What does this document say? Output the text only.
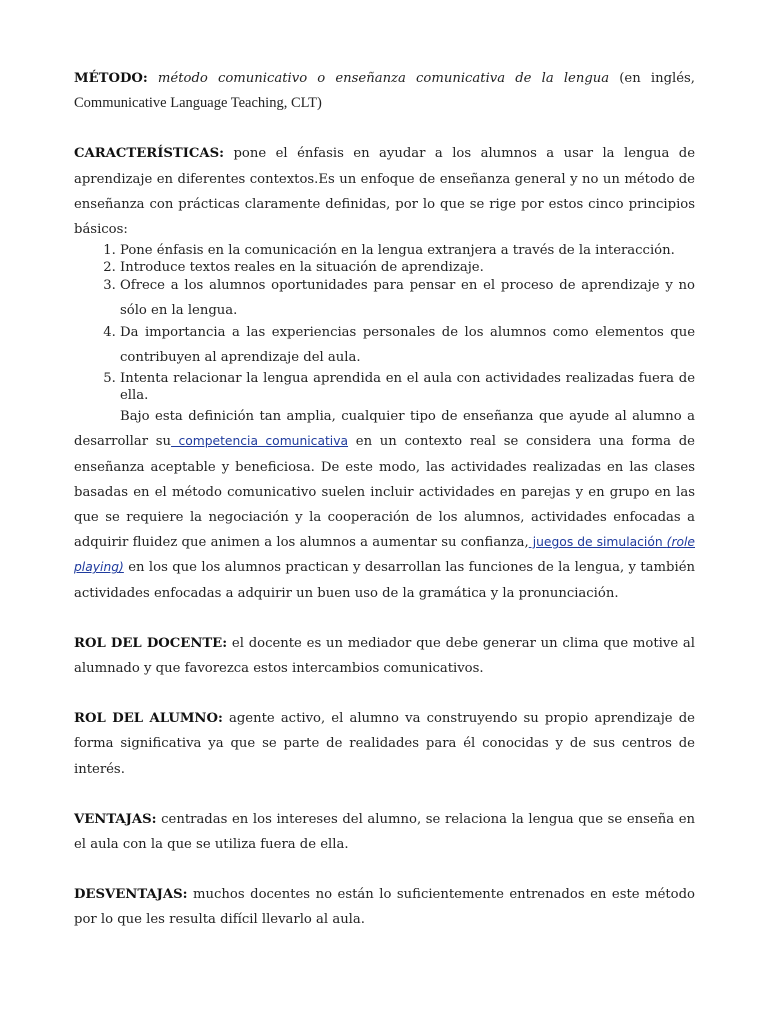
MÉTODO: método comunicativo o enseñanza comunicativa de la lengua (en inglés, Communicative Language Teaching, CLT)

CARACTERÍSTICAS: pone el énfasis en ayudar a los alumnos a usar la lengua de aprendizaje en diferentes contextos.Es un enfoque de enseñanza general y no un método de enseñanza con prácticas claramente definidas, por lo que se rige por estos cinco principios básicos:

1. Pone énfasis en la comunicación en la lengua extranjera a través de la interacción.
2. Introduce textos reales en la situación de aprendizaje.
3. Ofrece a los alumnos oportunidades para pensar en el proceso de aprendizaje y no sólo en la lengua.
4. Da importancia a las experiencias personales de los alumnos como elementos que contribuyen al aprendizaje del aula.
5. Intenta relacionar la lengua aprendida en el aula con actividades realizadas fuera de ella.

Bajo esta definición tan amplia, cualquier tipo de enseñanza que ayude al alumno a desarrollar su competencia comunicativa en un contexto real se considera una forma de enseñanza aceptable y beneficiosa. De este modo, las actividades realizadas en las clases basadas en el método comunicativo suelen incluir actividades en parejas y en grupo en las que se requiere la negociación y la cooperación de los alumnos, actividades enfocadas a adquirir fluidez que animen a los alumnos a aumentar su confianza, juegos de simulación (role playing) en los que los alumnos practican y desarrollan las funciones de la lengua, y también actividades enfocadas a adquirir un buen uso de la gramática y la pronunciación.

ROL DEL DOCENTE: el docente es un mediador que debe generar un clima que motive al alumnado y que favorezca estos intercambios comunicativos.

ROL DEL ALUMNO: agente activo, el alumno va construyendo su propio aprendizaje de forma significativa ya que se parte de realidades para él conocidas y de sus centros de interés.

VENTAJAS: centradas en los intereses del alumno, se relaciona la lengua que se enseña en el aula con la que se utiliza fuera de ella.

DESVENTAJAS: muchos docentes no están lo suficientemente entrenados en este método por lo que les resulta difícil llevarlo al aula.
